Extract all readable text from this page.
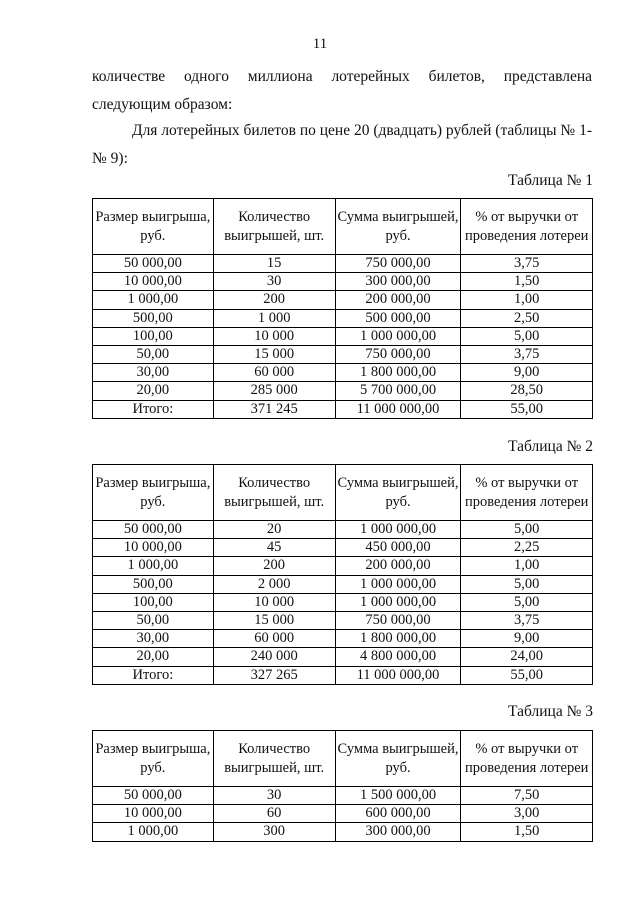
11
количестве одного миллиона лотерейных билетов, представлена следующим образом:
Для лотерейных билетов по цене 20 (двадцать) рублей (таблицы № 1- № 9):
Таблица № 1
Размер выигрыша, руб.	Количество выигрышей, шт.	Сумма выигрышей, руб.	% от выручки от проведения лотереи
50 000,00	15	750 000,00	3,75
10 000,00	30	300 000,00	1,50
1 000,00	200	200 000,00	1,00
500,00	1 000	500 000,00	2,50
100,00	10 000	1 000 000,00	5,00
50,00	15 000	750 000,00	3,75
30,00	60 000	1 800 000,00	9,00
20,00	285 000	5 700 000,00	28,50
Итого:	371 245	11 000 000,00	55,00
Таблица № 2
Размер выигрыша, руб.	Количество выигрышей, шт.	Сумма выигрышей, руб.	% от выручки от проведения лотереи
50 000,00	20	1 000 000,00	5,00
10 000,00	45	450 000,00	2,25
1 000,00	200	200 000,00	1,00
500,00	2 000	1 000 000,00	5,00
100,00	10 000	1 000 000,00	5,00
50,00	15 000	750 000,00	3,75
30,00	60 000	1 800 000,00	9,00
20,00	240 000	4 800 000,00	24,00
Итого:	327 265	11 000 000,00	55,00
Таблица № 3
Размер выигрыша, руб.	Количество выигрышей, шт.	Сумма выигрышей, руб.	% от выручки от проведения лотереи
50 000,00	30	1 500 000,00	7,50
10 000,00	60	600 000,00	3,00
1 000,00	300	300 000,00	1,50
